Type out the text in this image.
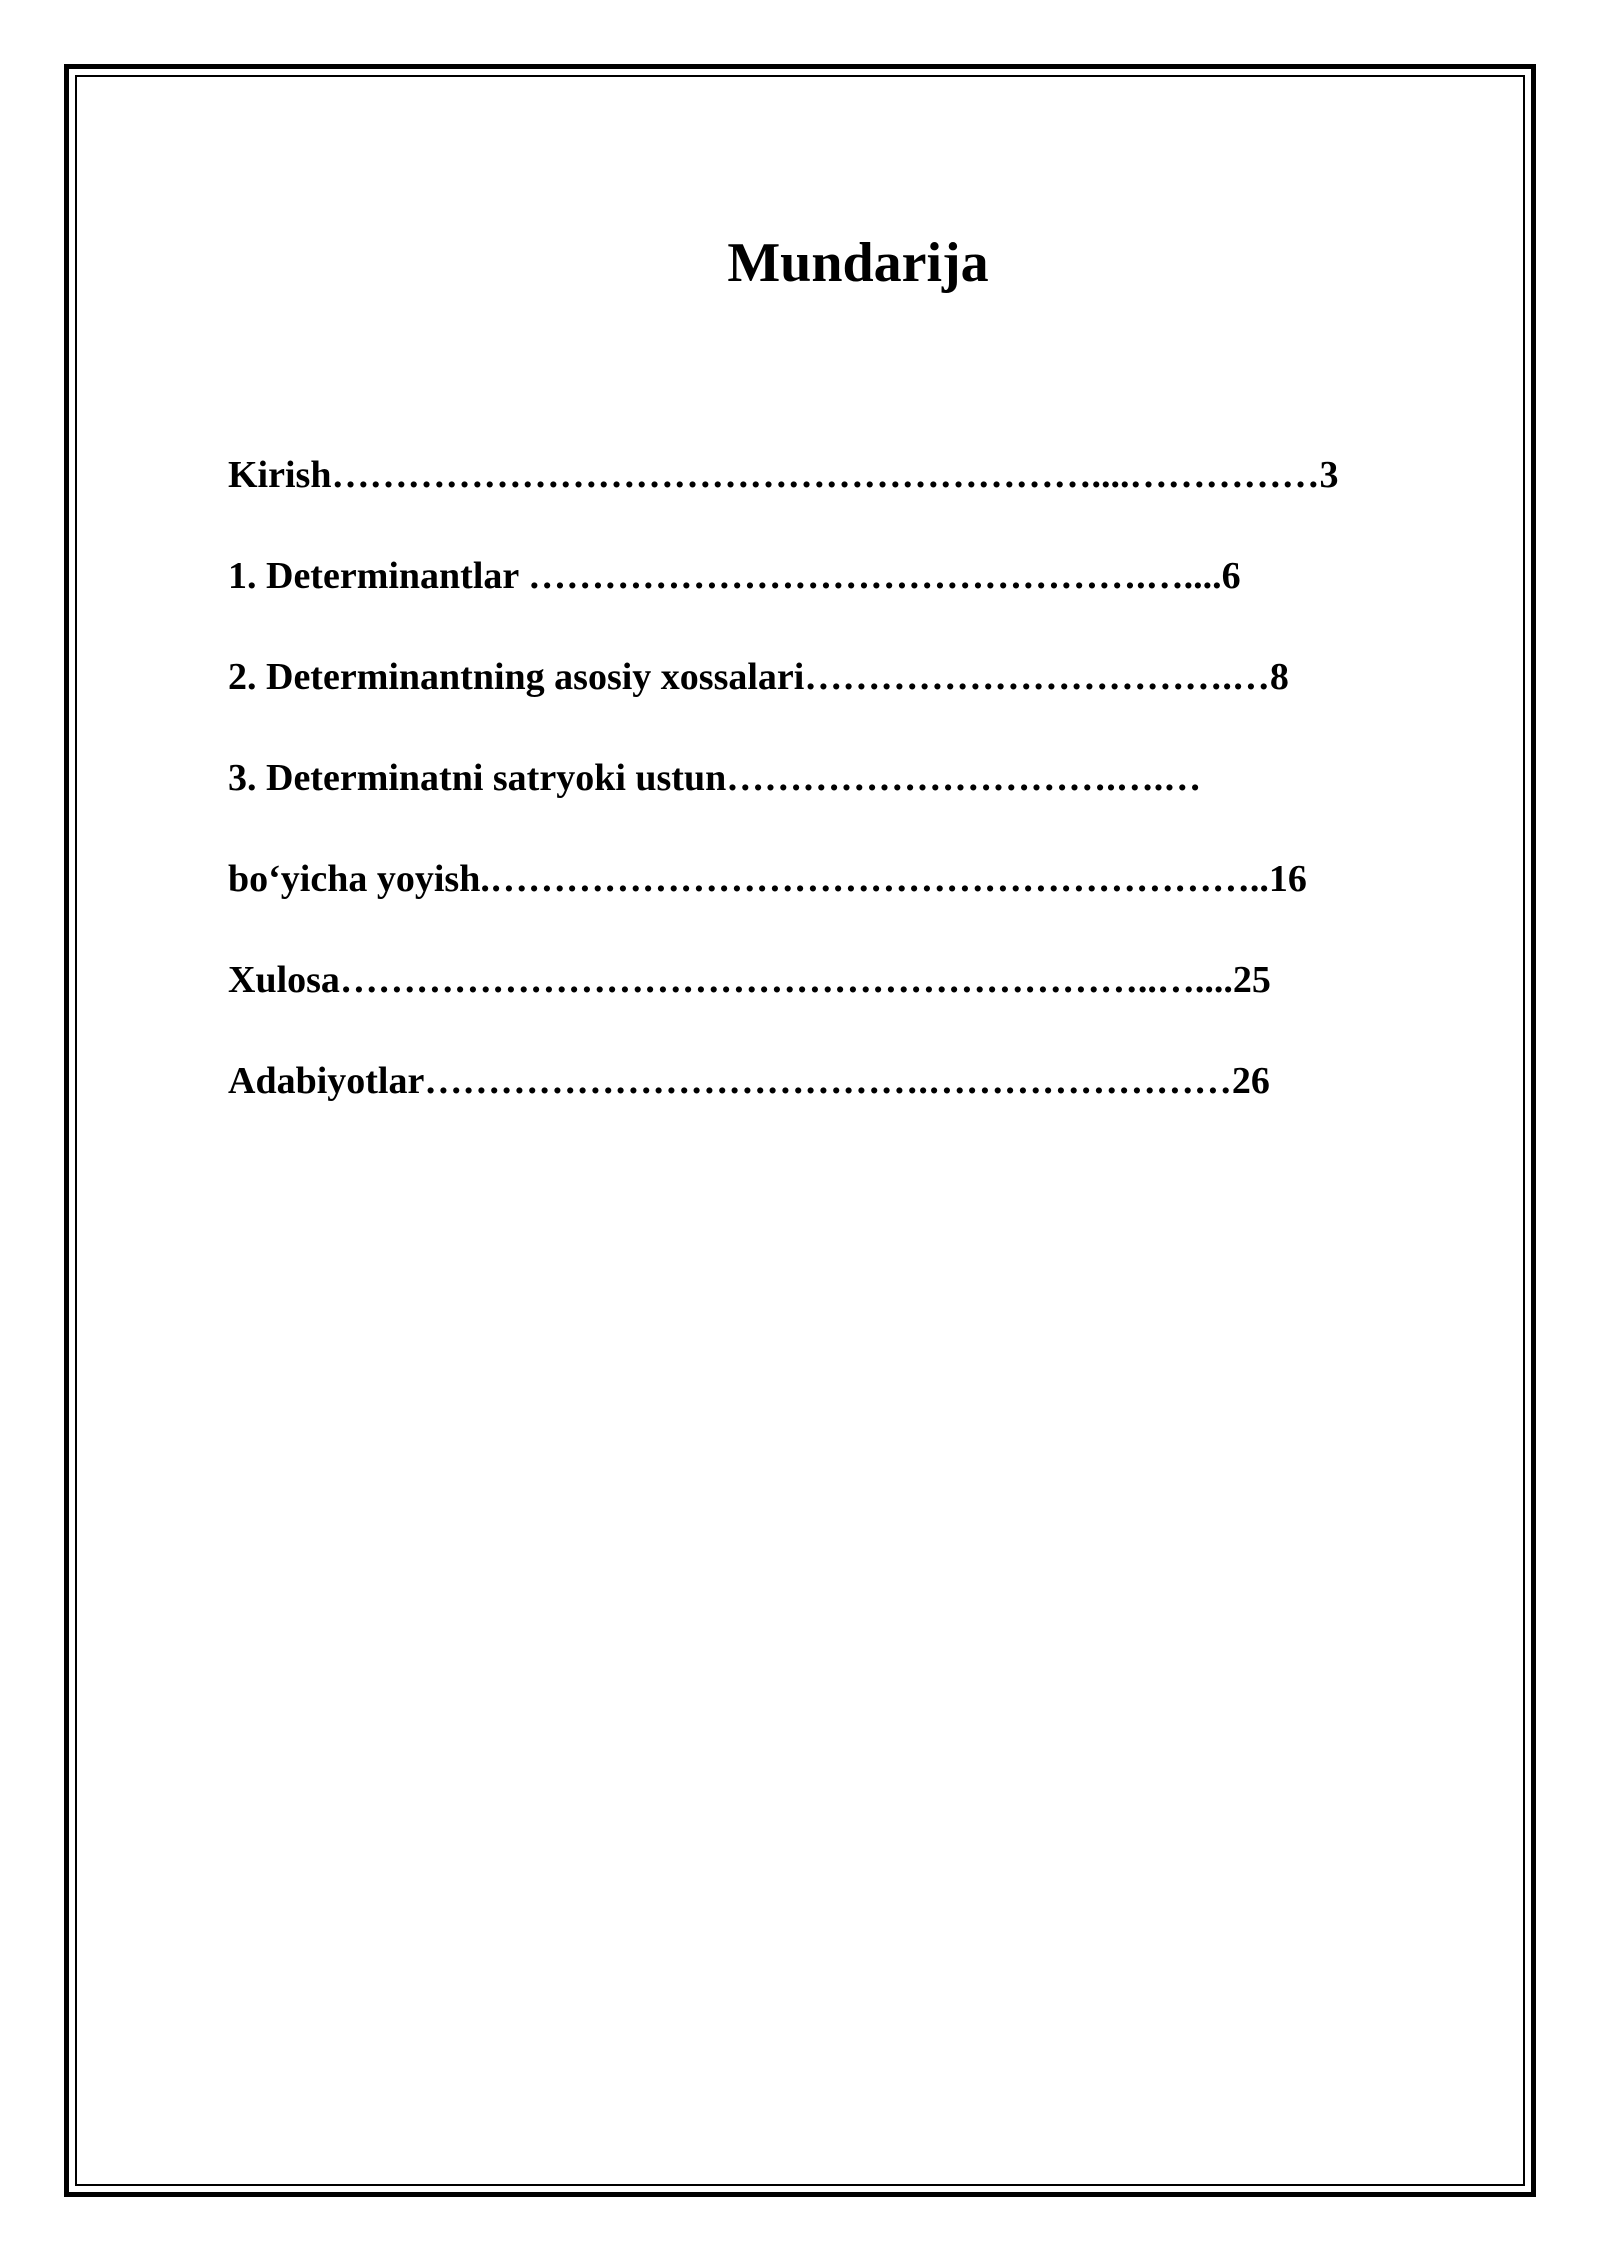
Mundarija
Kirish……………………………………………………....……………3
1. Determinantlar ………………………………………….…....6
2. Determinantning asosiy xossalari…………………………….…8
3. Determinatni satryoki ustun………………………….….…
bo‘yicha yoyish.……………………………………………………..16
Xulosa………………………………………………………..…....25
Adabiyotlar………………………………….……………………26
